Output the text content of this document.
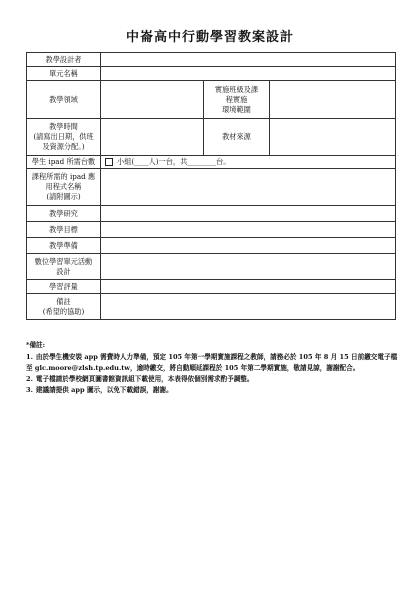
中崙高中行動學習教案設計
教學設計者			
單元名稱			
教學領域		實施班級及課
程實施
環境範圍	

教學時間
(請寫出日期，供班
及資源分配。)		教材來源	
學生 ipad 所需台數	小組(____人)一台，共________台。		

課程所需的 ipad 應
用程式名稱
(請附圖示)			

教學研究			
教學目標			
教學準備			

數位學習單元活動
設計			

學習評量			

備註
(希望的協助)			

*備註:
1. 由於學生機安裝 app 需費時人力準備，預定 105 年第一學期實施課程之教師，請務必於 105 年 8 月 15 日前繳交電子檔至 glc.moore@zlsh.tp.edu.tw，逾時繳交，將自動順延課程於 105 年第二學期實施，敬請見諒，謝謝配合。
2. 電子檔請於學校網頁圖書館資訊組下載使用，本表得依個別需求酌予調整。
3. 建議請提供 app 圖示，以免下載錯誤，謝謝。
